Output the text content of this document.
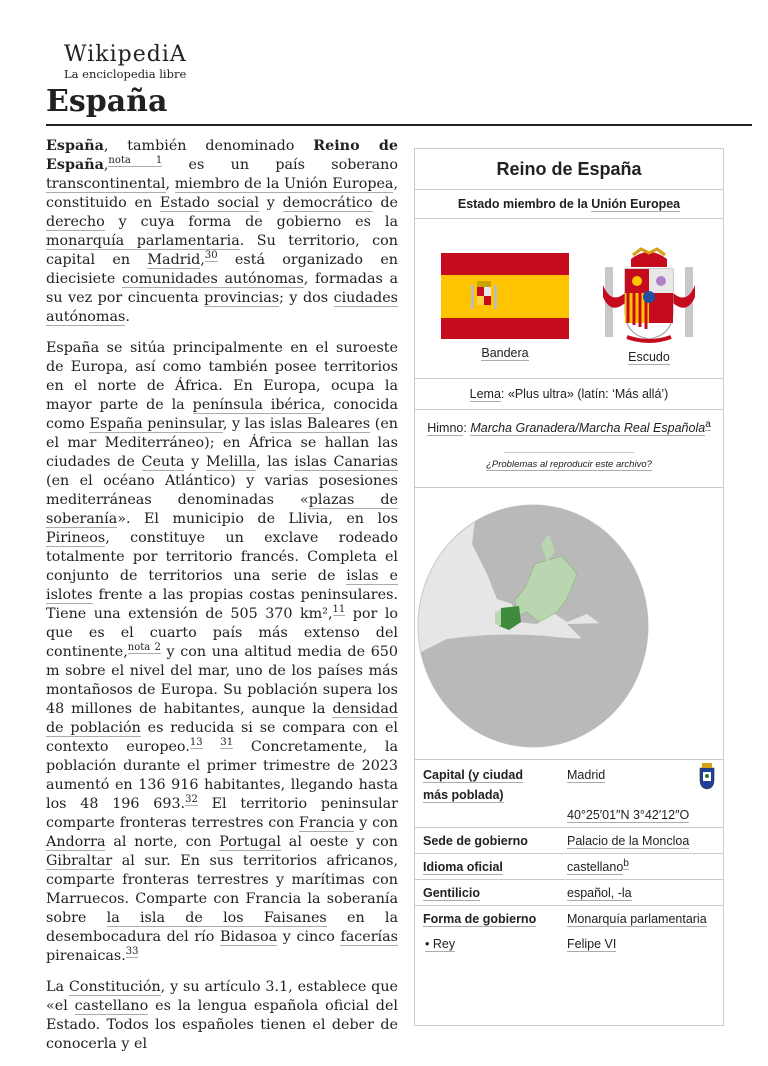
WikipediA
La enciclopedia libre
España

España, también denominado Reino de España,$^{nota 1}$ es un país soberano transcontinental, miembro de la Unión Europea, constituido en Estado social y democrático de derecho y cuya forma de gobierno es la monarquía parlamentaria. Su territorio, con capital en Madrid,$^{30}$ está organizado en diecisiete comunidades autónomas, formadas a su vez por cincuenta provincias; y dos ciudades autónomas.

España se sitúa principalmente en el suroeste de Europa, así como también posee territorios en el norte de África. En Europa, ocupa la mayor parte de la península ibérica, conocida como España peninsular, y las islas Baleares (en el mar Mediterráneo); en África se hallan las ciudades de Ceuta y Melilla, las islas Canarias (en el océano Atlántico) y varias posesiones mediterráneas denominadas «plazas de soberanía». El municipio de Llivia, en los Pirineos, constituye un exclave rodeado totalmente por territorio francés. Completa el conjunto de territorios una serie de islas e islotes frente a las propias costas peninsulares. Tiene una extensión de 505 370 km²,$^{11}$ por lo que es el cuarto país más extenso del continente,$^{nota 2}$ y con una altitud media de 650 m sobre el nivel del mar, uno de los países más montañosos de Europa. Su población supera los 48 millones de habitantes, aunque la densidad de población es reducida si se compara con el contexto europeo.$^{13}$ $^{31}$ Concretamente, la población durante el primer trimestre de 2023 aumentó en 136 916 habitantes, llegando hasta los 48 196 693.32 El territorio peninsular comparte fronteras terrestres con Francia y con Andorra al norte, con Portugal al oeste y con Gibraltar al sur. En sus territorios africanos, comparte fronteras terrestres y marítimas con Marruecos. Comparte con Francia la soberanía sobre la isla de los Faisanes en la desembocadura del río Bidasoa y cinco facerías pirenaicas.$^{33}$

La Constitución, y su artículo 3.1, establece que «el castellano es la lengua española oficial del Estado. Todos los españoles tienen el deber de conocerla y el

Reino de España
Estado miembro de la Unión Europea
Bandera	Escudo
Lema: «Plus ultra» (latín: ‘Más allá’)
Himno: Marcha Granadera/Marcha Real Española$^a$
¿Problemas al reproducir este archivo?
Capital (y ciudad más poblada)	Madrid

40°25′01″N 3°42′12″O
Sede de gobierno	Palacio de la Moncloa
Idioma oficial	castellano$^b$
Gentilicio	español, -la
Forma de gobierno	Monarquía parlamentaria
• Rey	Felipe VI
